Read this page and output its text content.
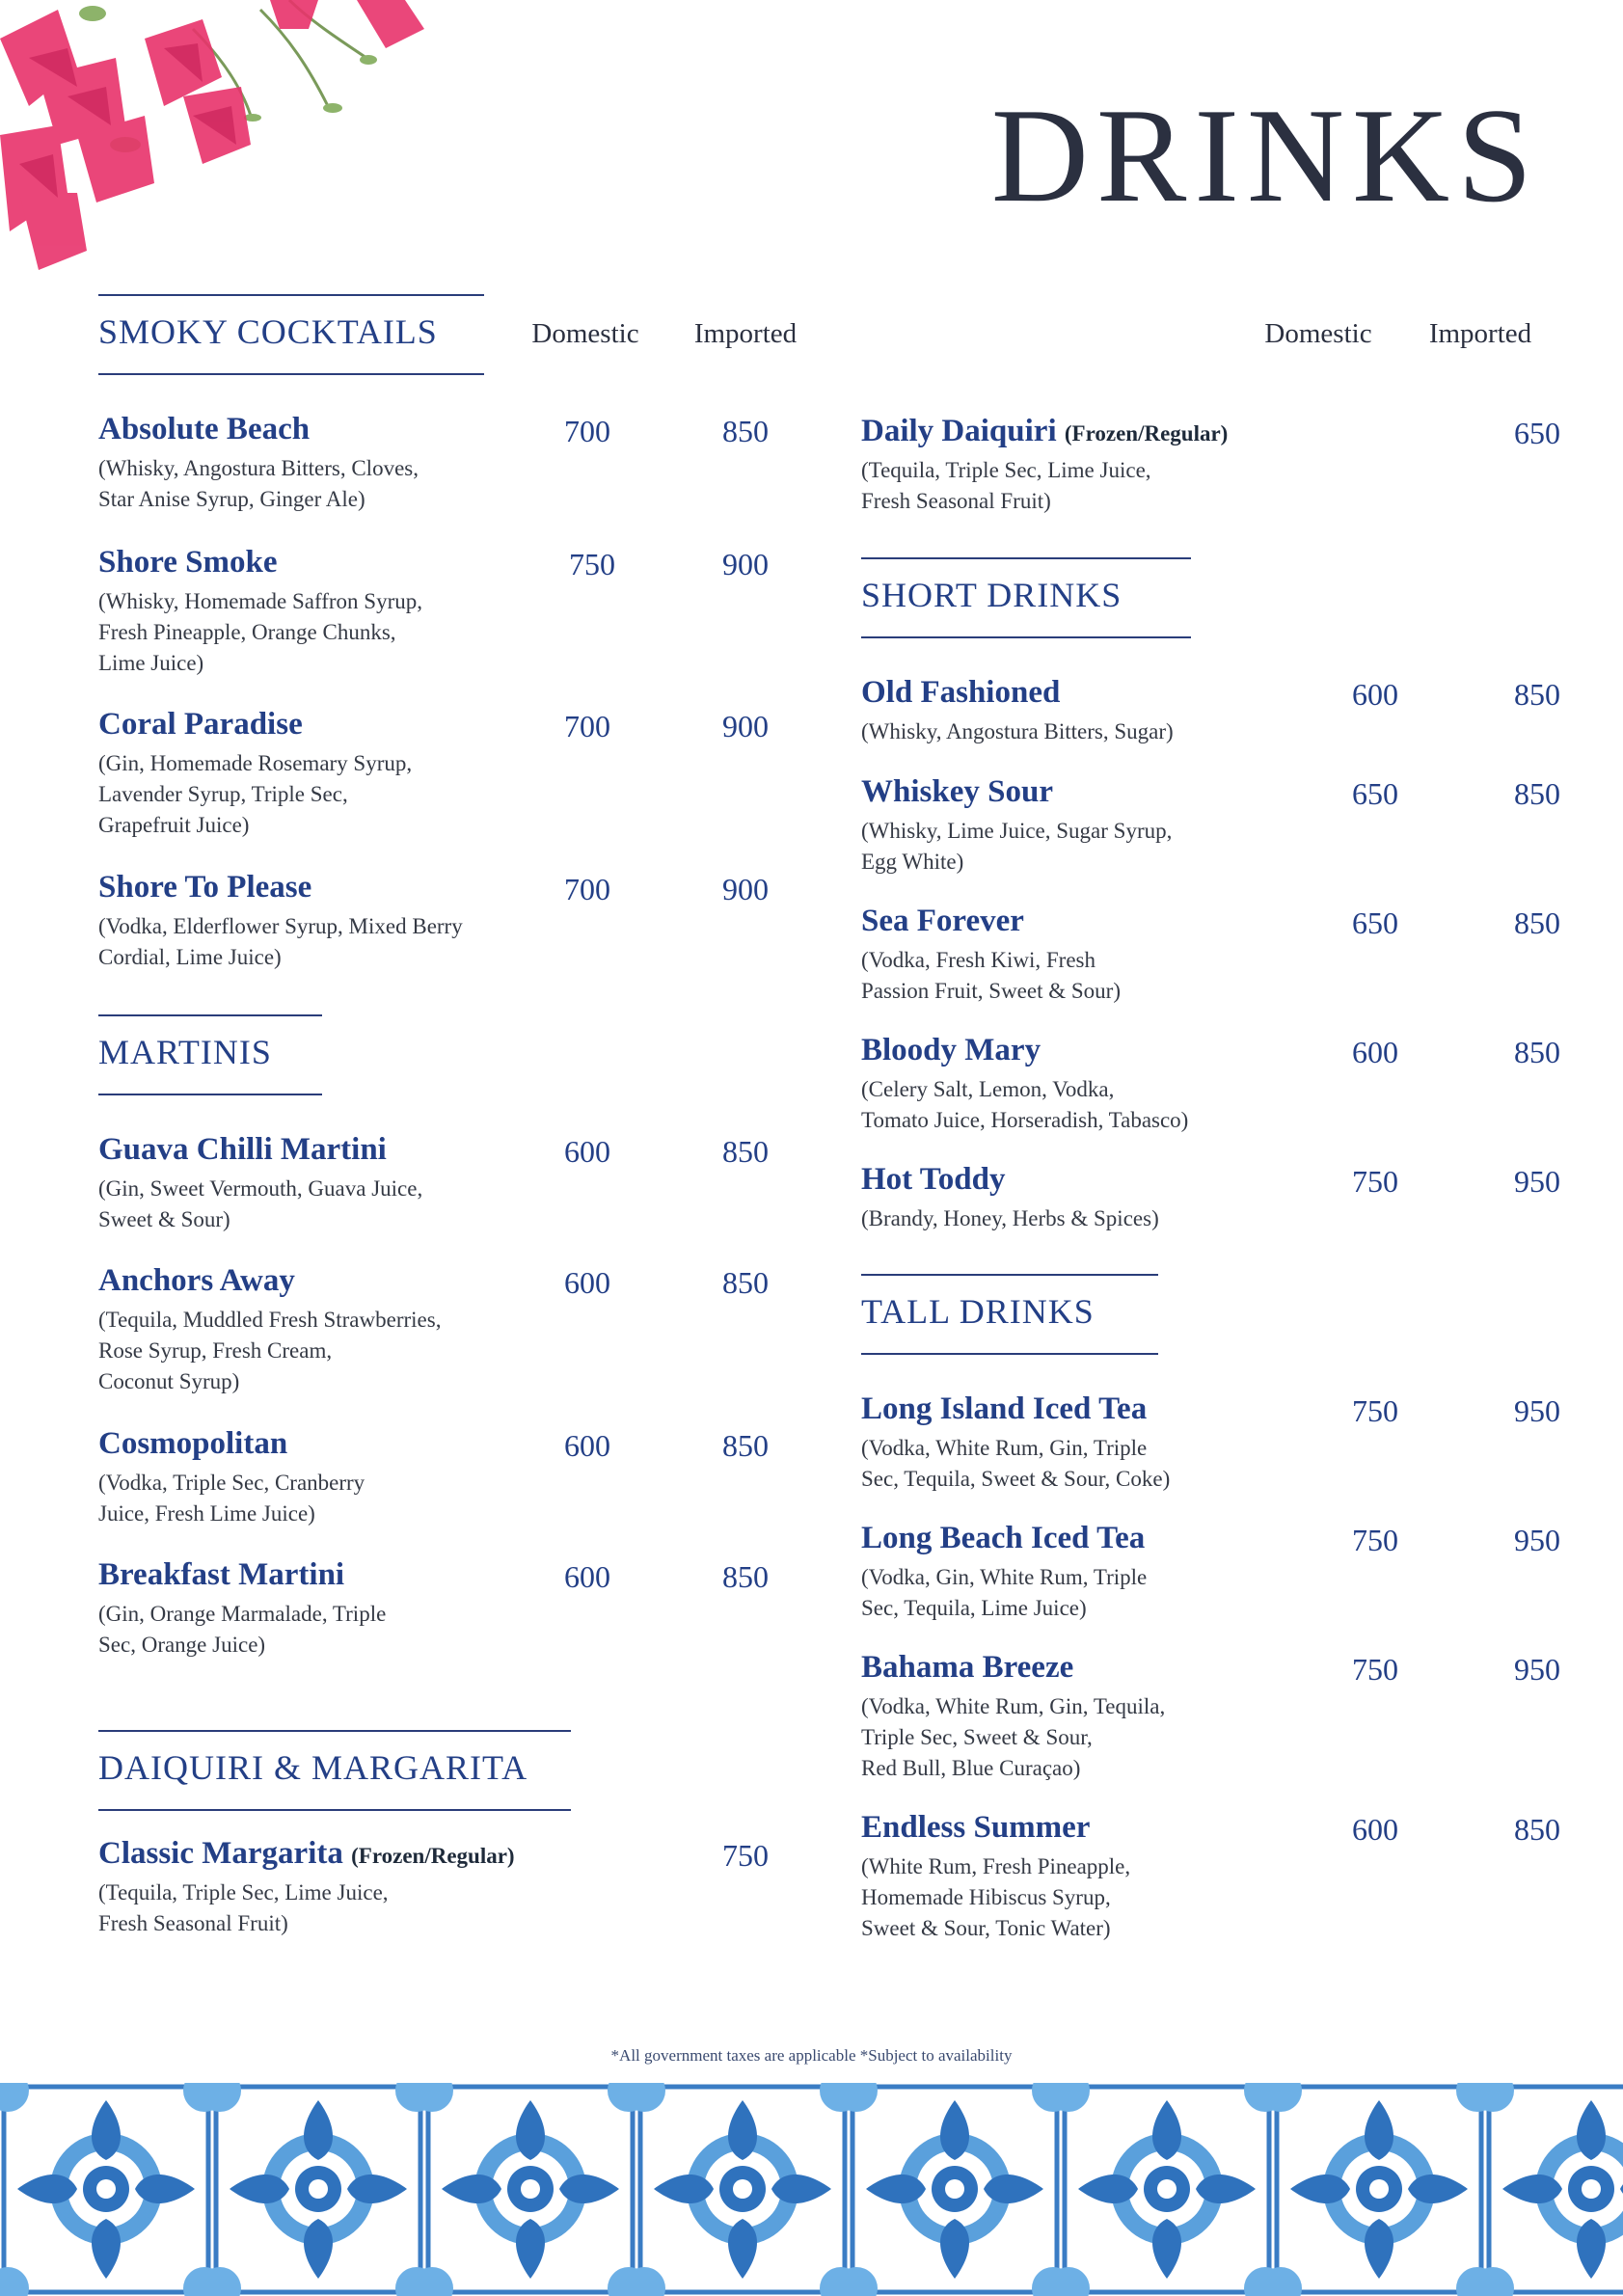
DRINKS
Domestic	Imported	Domestic	Imported
SMOKY COCKTAILS
Absolute Beach
(Whisky, Angostura Bitters, Cloves,
Star Anise Syrup, Ginger Ale)
700	850
Shore Smoke
(Whisky, Homemade Saffron Syrup,
Fresh Pineapple, Orange Chunks,
Lime Juice)
750	900
Coral Paradise
(Gin, Homemade Rosemary Syrup,
Lavender Syrup, Triple Sec,
Grapefruit Juice)
700	900
Shore To Please
(Vodka, Elderflower Syrup, Mixed Berry
Cordial, Lime Juice)
700	900
MARTINIS
Guava Chilli Martini
(Gin, Sweet Vermouth, Guava Juice,
Sweet & Sour)
600	850
Anchors Away
(Tequila, Muddled Fresh Strawberries,
Rose Syrup, Fresh Cream,
Coconut Syrup)
600	850
Cosmopolitan
(Vodka, Triple Sec, Cranberry
Juice, Fresh Lime Juice)
600	850
Breakfast Martini
(Gin, Orange Marmalade, Triple
Sec, Orange Juice)
600	850
DAIQUIRI & MARGARITA
Classic Margarita (Frozen/Regular)
(Tequila, Triple Sec, Lime Juice,
Fresh Seasonal Fruit)
750
Daily Daiquiri (Frozen/Regular)
(Tequila, Triple Sec, Lime Juice,
Fresh Seasonal Fruit)
650
SHORT DRINKS
Old Fashioned
(Whisky, Angostura Bitters, Sugar)
600	850
Whiskey Sour
(Whisky, Lime Juice, Sugar Syrup,
Egg White)
650	850
Sea Forever
(Vodka, Fresh Kiwi, Fresh
Passion Fruit, Sweet & Sour)
650	850
Bloody Mary
(Celery Salt, Lemon, Vodka,
Tomato Juice, Horseradish, Tabasco)
600	850
Hot Toddy
(Brandy, Honey, Herbs & Spices)
750	950
TALL DRINKS
Long Island Iced Tea
(Vodka, White Rum, Gin, Triple
Sec, Tequila, Sweet & Sour, Coke)
750	950
Long Beach Iced Tea
(Vodka, Gin, White Rum, Triple
Sec, Tequila, Lime Juice)
750	950
Bahama Breeze
(Vodka, White Rum, Gin, Tequila,
Triple Sec, Sweet & Sour,
Red Bull, Blue Curaçao)
750	950
Endless Summer
(White Rum, Fresh Pineapple,
Homemade Hibiscus Syrup,
Sweet & Sour, Tonic Water)
600	850
*All government taxes are applicable *Subject to availability
